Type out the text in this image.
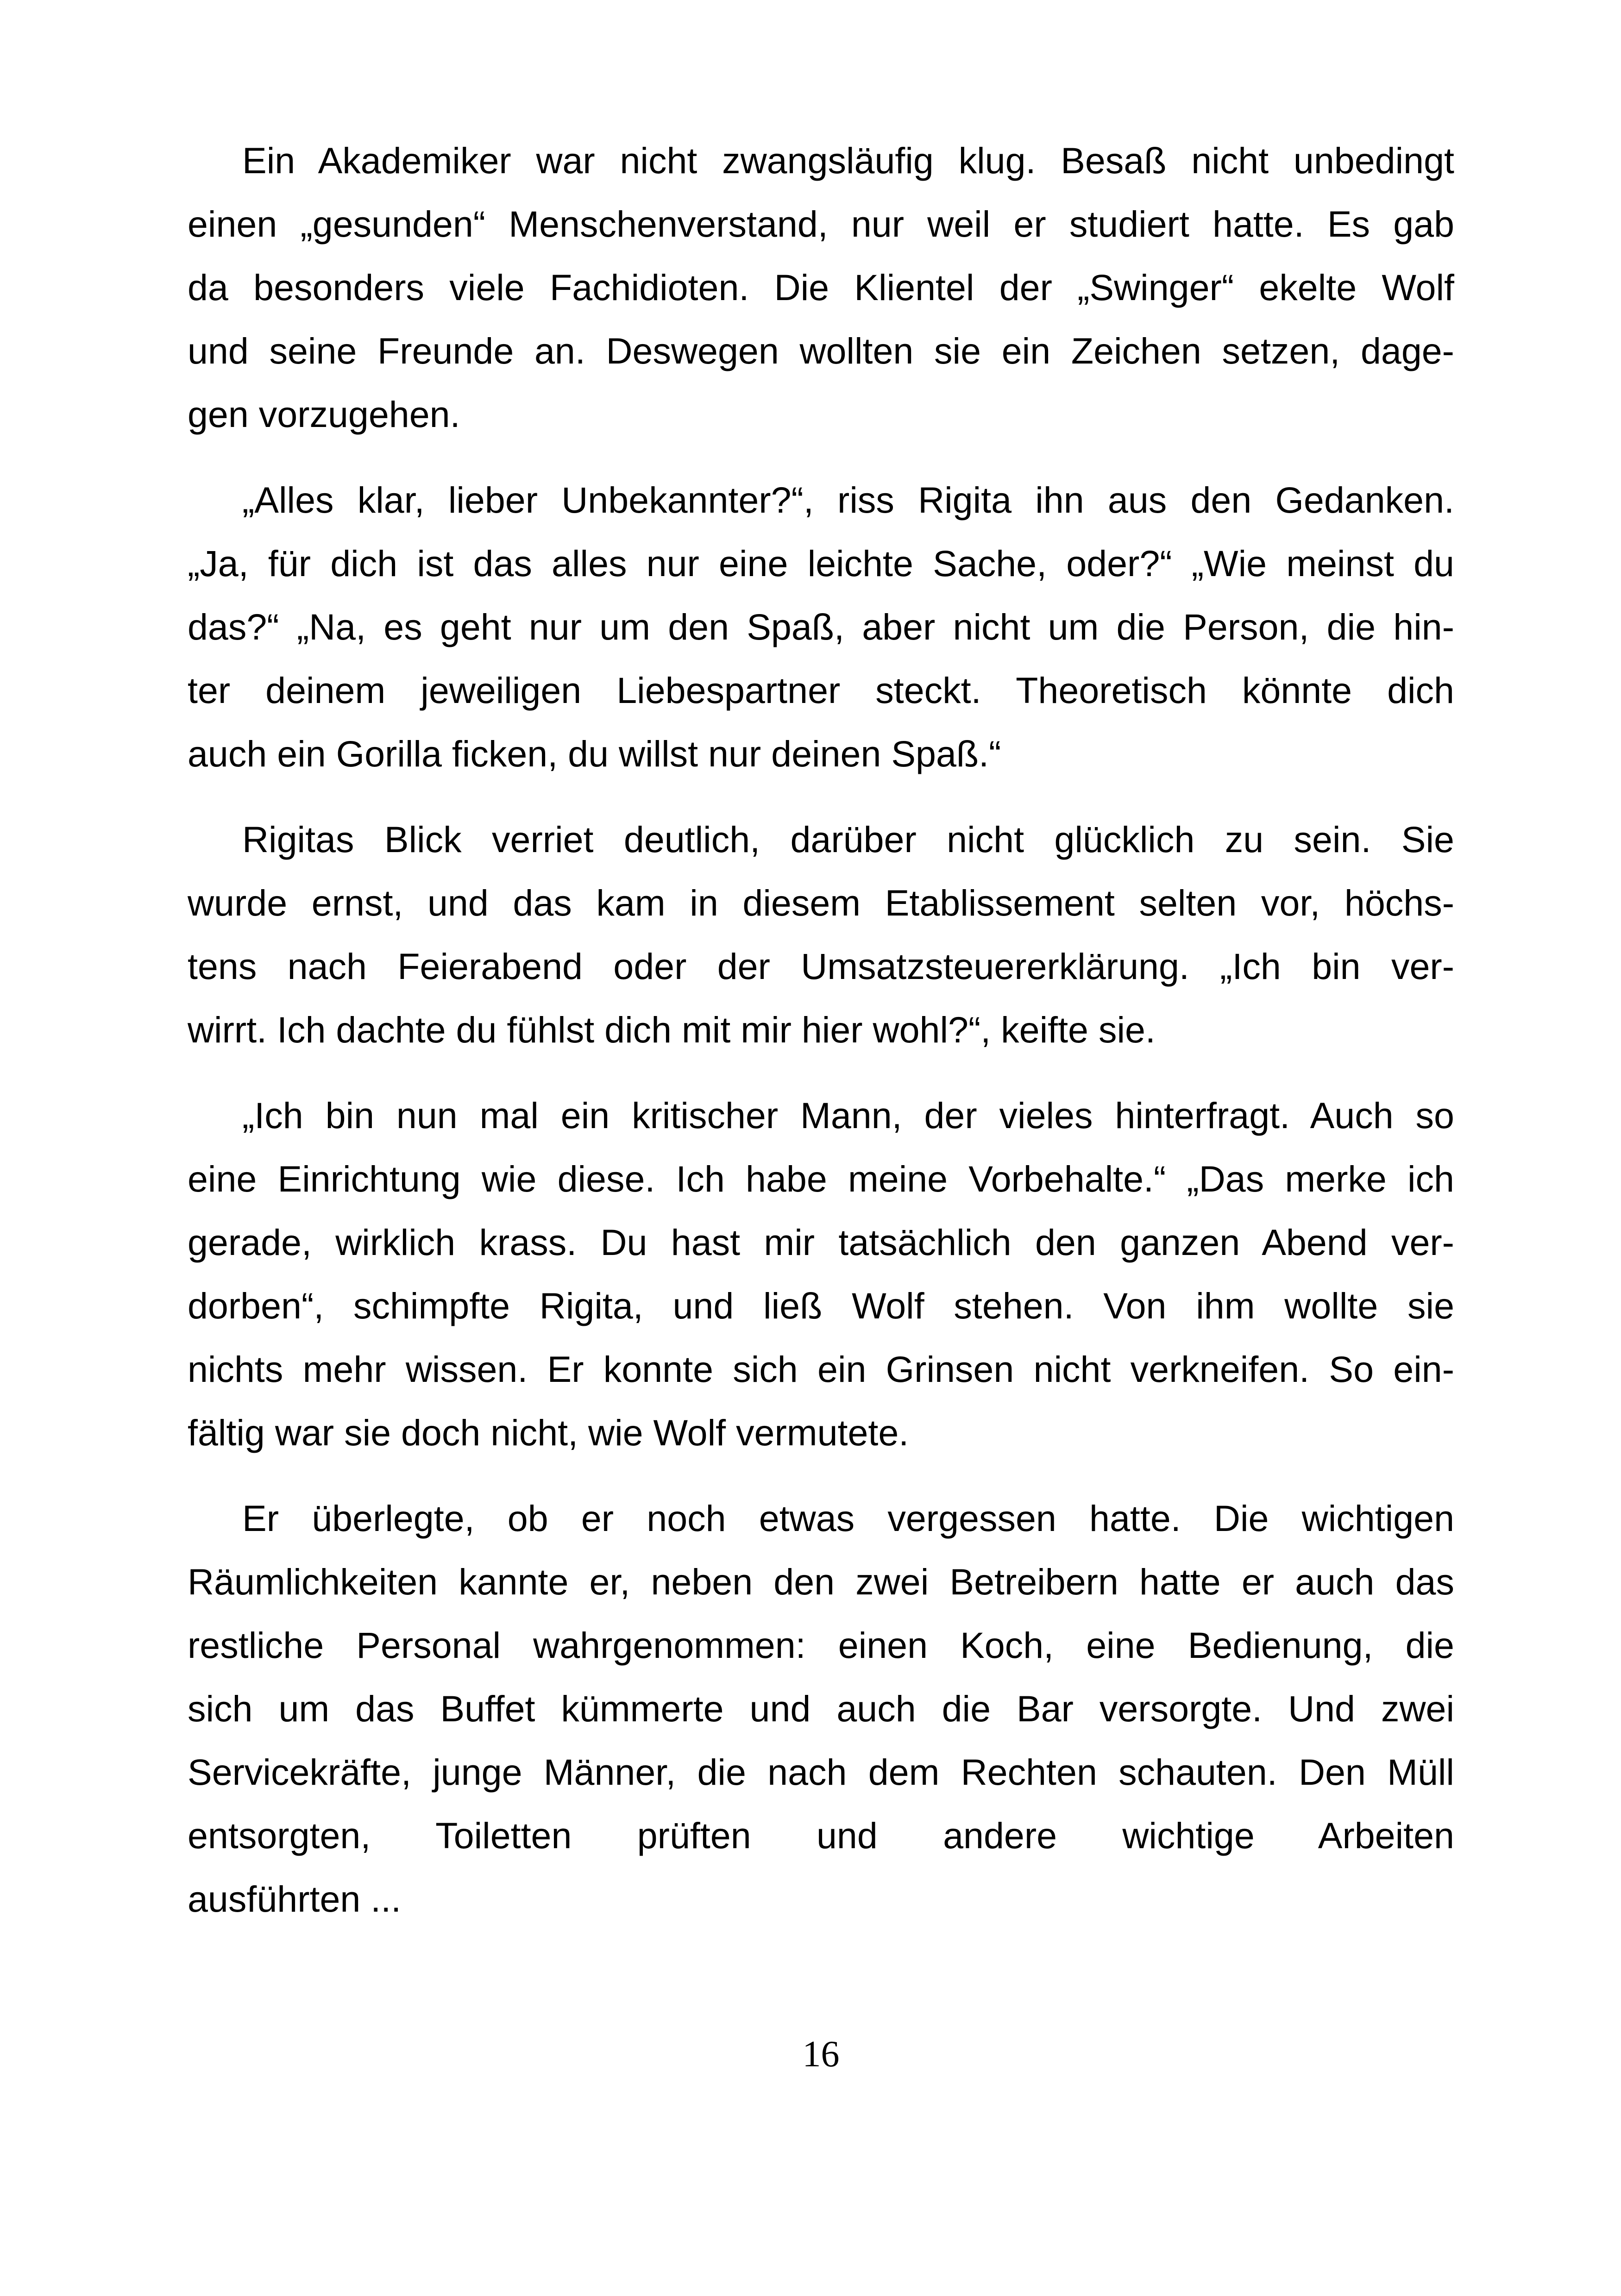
Ein Akademiker war nicht zwangsläufig klug. Besaß nicht unbedingt
einen „gesunden“ Menschenverstand, nur weil er studiert hatte. Es gab
da besonders viele Fachidioten. Die Klientel der „Swinger“ ekelte Wolf
und seine Freunde an. Deswegen wollten sie ein Zeichen setzen, dage-
gen vorzugehen.
„Alles klar, lieber Unbekannter?“, riss Rigita ihn aus den Gedanken.
„Ja, für dich ist das alles nur eine leichte Sache, oder?“ „Wie meinst du
das?“ „Na, es geht nur um den Spaß, aber nicht um die Person, die hin-
ter deinem jeweiligen Liebespartner steckt. Theoretisch könnte dich
auch ein Gorilla ficken, du willst nur deinen Spaß.“
Rigitas Blick verriet deutlich, darüber nicht glücklich zu sein. Sie
wurde ernst, und das kam in diesem Etablissement selten vor, höchs-
tens nach Feierabend oder der Umsatzsteuererklärung. „Ich bin ver-
wirrt. Ich dachte du fühlst dich mit mir hier wohl?“, keifte sie.
„Ich bin nun mal ein kritischer Mann, der vieles hinterfragt. Auch so
eine Einrichtung wie diese. Ich habe meine Vorbehalte.“ „Das merke ich
gerade, wirklich krass. Du hast mir tatsächlich den ganzen Abend ver-
dorben“, schimpfte Rigita, und ließ Wolf stehen. Von ihm wollte sie
nichts mehr wissen. Er konnte sich ein Grinsen nicht verkneifen. So ein-
fältig war sie doch nicht, wie Wolf vermutete.
Er überlegte, ob er noch etwas vergessen hatte. Die wichtigen
Räumlichkeiten kannte er, neben den zwei Betreibern hatte er auch das
restliche Personal wahrgenommen: einen Koch, eine Bedienung, die
sich um das Buffet kümmerte und auch die Bar versorgte. Und zwei
Servicekräfte, junge Männer, die nach dem Rechten schauten. Den Müll
entsorgten, Toiletten prüften und andere wichtige Arbeiten
ausführten ...
16
